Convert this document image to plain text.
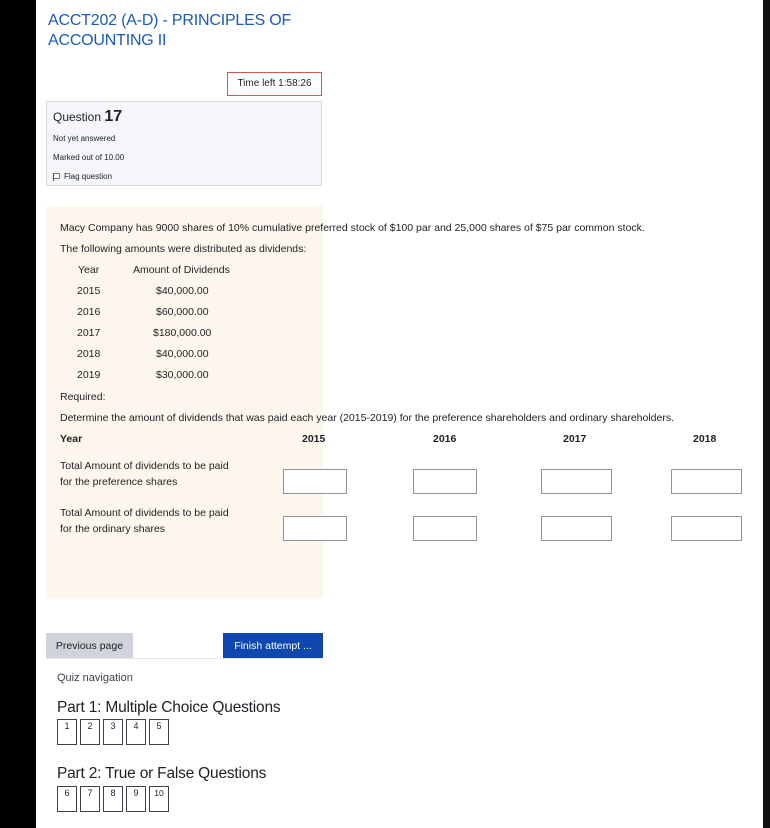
ACCT202 (A-D) - PRINCIPLES OF ACCOUNTING II
Time left 1:58:26
Question 17
Not yet answered
Marked out of 10.00
Flag question
Macy Company has 9000 shares of 10% cumulative preferred stock of $100 par and 25,000 shares of $75 par common stock.
The following amounts were distributed as dividends:
Year	Amount of Dividends
2015	$40,000.00
2016	$60,000.00
2017	$180,000.00
2018	$40,000.00
2019	$30,000.00
Required:
Determine the amount of dividends that was paid each year (2015-2019) for the preference shareholders and ordinary shareholders.
Year	2015	2016	2017	2018
Total Amount of dividends to be paid
for the preference shares
Total Amount of dividends to be paid
for the ordinary shares
Previous page	Finish attempt ...
Quiz navigation
Part 1: Multiple Choice Questions
1	2	3	4	5
Part 2: True or False Questions
6	7	8	9	10
